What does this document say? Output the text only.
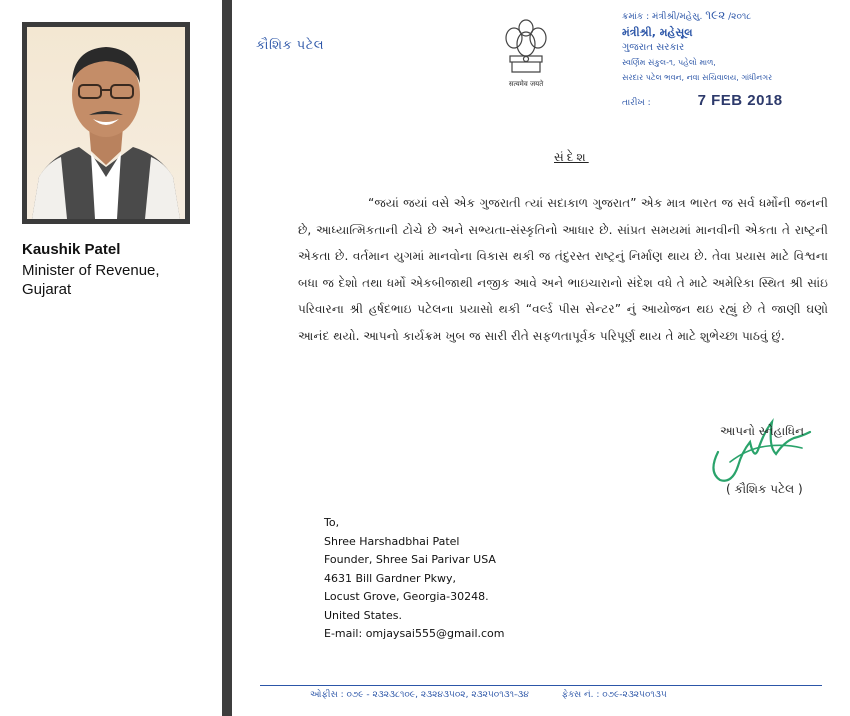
Kaushik Patel
Minister of Revenue, Gujarat
કૌશિક પટેલ
सत्यमेव जयते
ક્રમાંક : મંત્રીશ્રી/મહેસુ. ૧૯૨ /૨૦૧૮
મંત્રીશ્રી, મહેસૂલ
ગુજરાત સરકાર
સ્વર્ણિમ સંકુલ-૧, પહેલો માળ,
સરદાર પટેલ ભવન, નવા સચિવાલય, ગાંધીનગર
તારીખ :	7 FEB 2018
સંદેશ

“જયાં જયાં વસે એક ગુજરાતી ત્યાં સદાકાળ ગુજરાત” એક માત્ર ભારત જ સર્વ ધર્મોની જનની છે, આધ્યાત્મિકતાની ટોચે છે અને સભ્યતા-સંસ્કૃતિનો આધાર છે. સાંપ્રત સમયમાં માનવીની એકતા તે રાષ્ટ્રની એકતા છે. વર્તમાન યુગમાં માનવોના વિકાસ થકી જ તંદુરસ્ત રાષ્ટ્રનું નિર્માણ થાય છે. તેવા પ્રયાસ માટે વિશ્વના બધા જ દેશો તથા ધર્મો એકબીજાથી નજીક આવે અને ભાઇચારાનો સંદેશ વધે તે માટે અમેરિકા સ્થિત શ્રી સાંઇ પરિવારના શ્રી હર્ષદભાઇ પટેલના પ્રયાસો થકી “વર્લ્ડ પીસ સેન્ટર” નું આયોજન થઇ રહ્યું છે તે જાણી ઘણો આનંદ થયો. આપનો કાર્યક્રમ ખુબ જ સારી રીતે સફળતાપૂર્વક પરિપૂર્ણ થાય તે માટે શુભેચ્છા પાઠવું છું.

આપનો સ્નેહાધિન
( કૌશિક પટેલ )
To,
Shree Harshadbhai Patel
Founder, Shree Sai Parivar USA
4631 Bill Gardner Pkwy,
Locust Grove, Georgia-30248.
United States.
E-mail: omjaysai555@gmail.com
ઓફીસ : ૦૭૯ - ૨૩૨૩૮૧૦૯, ૨૩૨૪૩૫૦૨, ૨૩૨૫૦૧૩૧-૩૪	ફેક્સ નં. : ૦૭૯-૨૩૨૫૦૧૩૫
